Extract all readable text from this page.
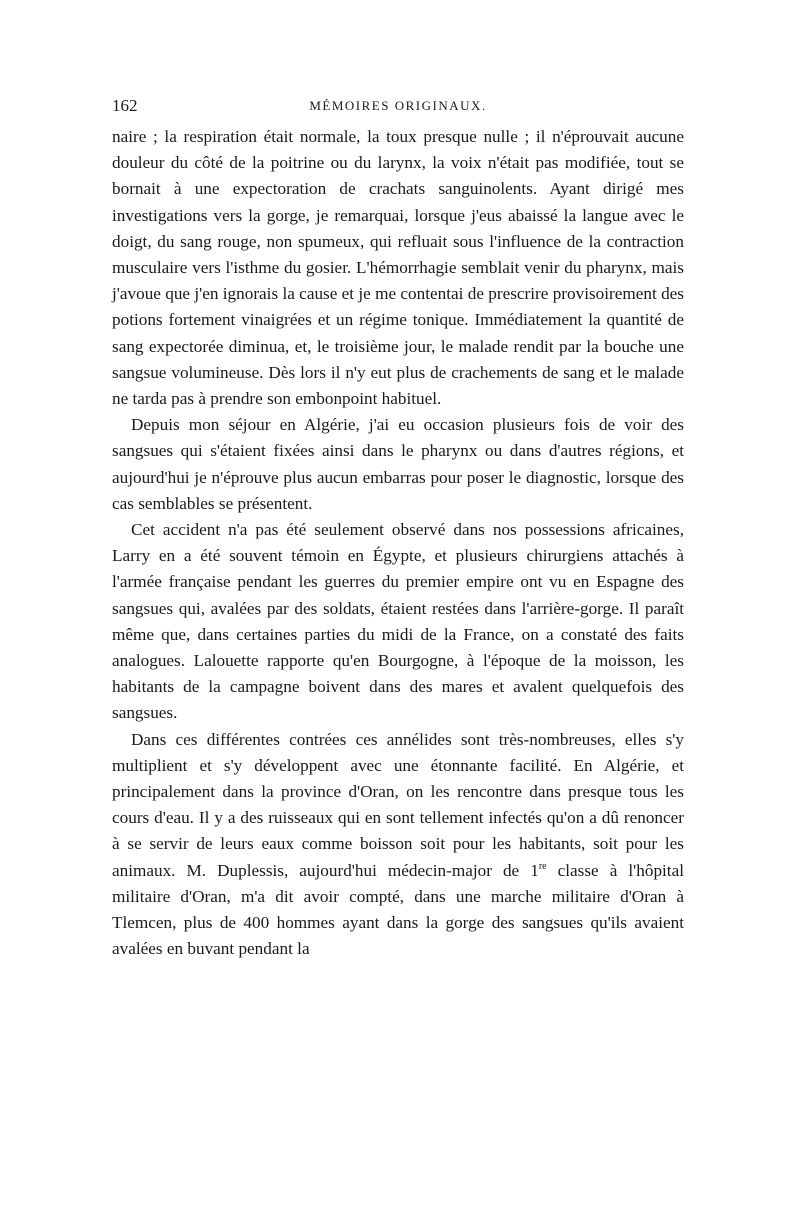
162	MÉMOIRES ORIGINAUX.

naire ; la respiration était normale, la toux presque nulle ; il n'éprouvait aucune douleur du côté de la poitrine ou du larynx, la voix n'était pas modifiée, tout se bornait à une expectoration de crachats sanguinolents. Ayant dirigé mes investigations vers la gorge, je remarquai, lorsque j'eus abaissé la langue avec le doigt, du sang rouge, non spumeux, qui refluait sous l'influence de la contraction musculaire vers l'isthme du gosier. L'hémorrhagie semblait venir du pharynx, mais j'avoue que j'en ignorais la cause et je me contentai de prescrire provisoirement des potions fortement vinaigrées et un régime tonique. Immédiatement la quantité de sang expectorée diminua, et, le troisième jour, le malade rendit par la bouche une sangsue volumineuse. Dès lors il n'y eut plus de crachements de sang et le malade ne tarda pas à prendre son embonpoint habituel.

Depuis mon séjour en Algérie, j'ai eu occasion plusieurs fois de voir des sangsues qui s'étaient fixées ainsi dans le pharynx ou dans d'autres régions, et aujourd'hui je n'éprouve plus aucun embarras pour poser le diagnostic, lorsque des cas semblables se présentent.

Cet accident n'a pas été seulement observé dans nos possessions africaines, Larry en a été souvent témoin en Égypte, et plusieurs chirurgiens attachés à l'armée française pendant les guerres du premier empire ont vu en Espagne des sangsues qui, avalées par des soldats, étaient restées dans l'arrière-gorge. Il paraît même que, dans certaines parties du midi de la France, on a constaté des faits analogues. Lalouette rapporte qu'en Bourgogne, à l'époque de la moisson, les habitants de la campagne boivent dans des mares et avalent quelquefois des sangsues.

Dans ces différentes contrées ces annélides sont très-nombreuses, elles s'y multiplient et s'y développent avec une étonnante facilité. En Algérie, et principalement dans la province d'Oran, on les rencontre dans presque tous les cours d'eau. Il y a des ruisseaux qui en sont tellement infectés qu'on a dû renoncer à se servir de leurs eaux comme boisson soit pour les habitants, soit pour les animaux. M. Duplessis, aujourd'hui médecin-major de 1re classe à l'hôpital militaire d'Oran, m'a dit avoir compté, dans une marche militaire d'Oran à Tlemcen, plus de 400 hommes ayant dans la gorge des sangsues qu'ils avaient avalées en buvant pendant la
